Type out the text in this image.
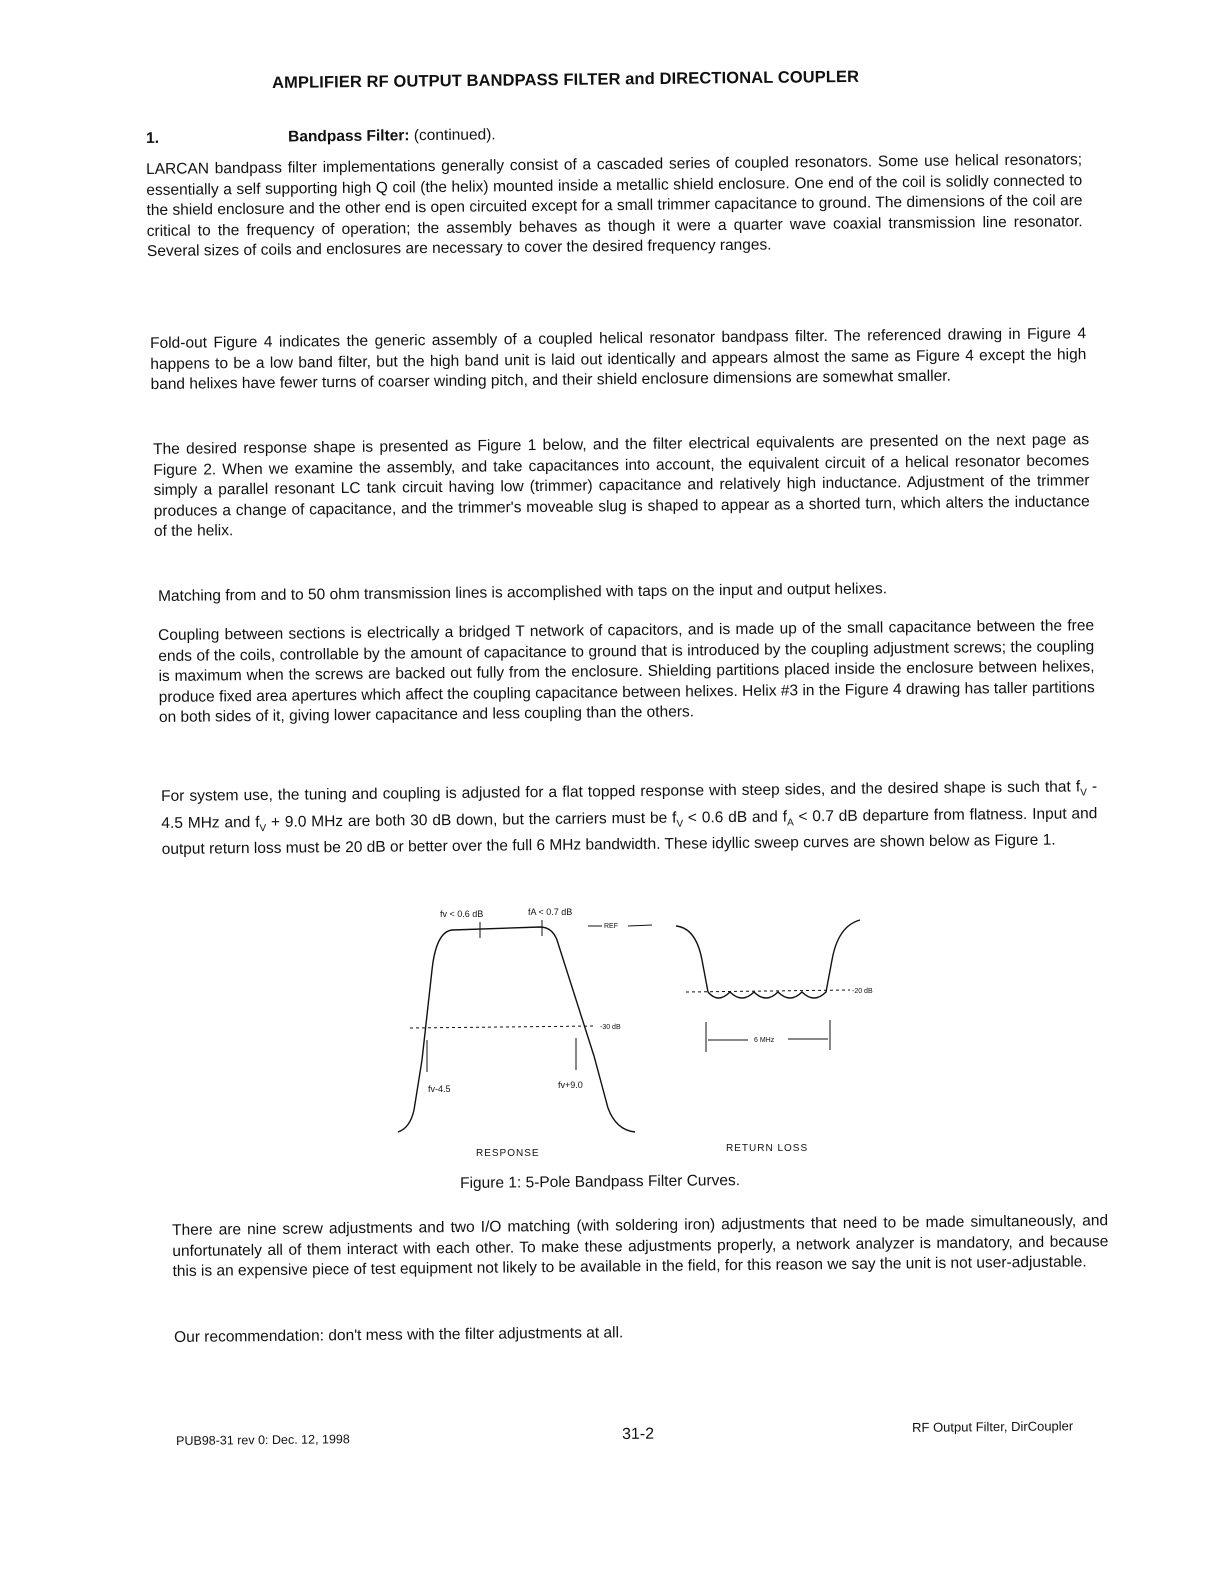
AMPLIFIER RF OUTPUT BANDPASS FILTER and DIRECTIONAL COUPLER
1.	Bandpass Filter: (continued).

LARCAN bandpass filter implementations generally consist of a cascaded series of coupled resonators. Some use helical resonators; essentially a self supporting high Q coil (the helix) mounted inside a metallic shield enclosure. One end of the coil is solidly connected to the shield enclosure and the other end is open circuited except for a small trimmer capacitance to ground. The dimensions of the coil are critical to the frequency of operation; the assembly behaves as though it were a quarter wave coaxial transmission line resonator. Several sizes of coils and enclosures are necessary to cover the desired frequency ranges.

Fold-out Figure 4 indicates the generic assembly of a coupled helical resonator bandpass filter. The referenced drawing in Figure 4 happens to be a low band filter, but the high band unit is laid out identically and appears almost the same as Figure 4 except the high band helixes have fewer turns of coarser winding pitch, and their shield enclosure dimensions are somewhat smaller.

The desired response shape is presented as Figure 1 below, and the filter electrical equivalents are presented on the next page as Figure 2. When we examine the assembly, and take capacitances into account, the equivalent circuit of a helical resonator becomes simply a parallel resonant LC tank circuit having low (trimmer) capacitance and relatively high inductance. Adjustment of the trimmer produces a change of capacitance, and the trimmer's moveable slug is shaped to appear as a shorted turn, which alters the inductance of the helix.

Matching from and to 50 ohm transmission lines is accomplished with taps on the input and output helixes.

Coupling between sections is electrically a bridged T network of capacitors, and is made up of the small capacitance between the free ends of the coils, controllable by the amount of capacitance to ground that is introduced by the coupling adjustment screws; the coupling is maximum when the screws are backed out fully from the enclosure. Shielding partitions placed inside the enclosure between helixes, produce fixed area apertures which affect the coupling capacitance between helixes. Helix #3 in the Figure 4 drawing has taller partitions on both sides of it, giving lower capacitance and less coupling than the others.

For system use, the tuning and coupling is adjusted for a flat topped response with steep sides, and the desired shape is such that $f_V - 4.5$ MHz and $f_V + 9.0$ MHz are both 30 dB down, but the carriers must be $f_V < 0.6$ dB and $f_A < 0.7$ dB departure from flatness. Input and output return loss must be 20 dB or better over the full 6 MHz bandwidth. These idyllic sweep curves are shown below as Figure 1.

fv < 0.6 dB	fA < 0.7 dB
REF
-30 dB
fv-4.5	fv+9.0
RESPONSE
-20 dB
6 MHz
RETURN LOSS
Figure 1: 5-Pole Bandpass Filter Curves.

There are nine screw adjustments and two I/O matching (with soldering iron) adjustments that need to be made simultaneously, and unfortunately all of them interact with each other. To make these adjustments properly, a network analyzer is mandatory, and because this is an expensive piece of test equipment not likely to be available in the field, for this reason we say the unit is not user-adjustable.

Our recommendation: don't mess with the filter adjustments at all.

PUB98-31 rev 0: Dec. 12, 1998	31-2	RF Output Filter, DirCoupler
